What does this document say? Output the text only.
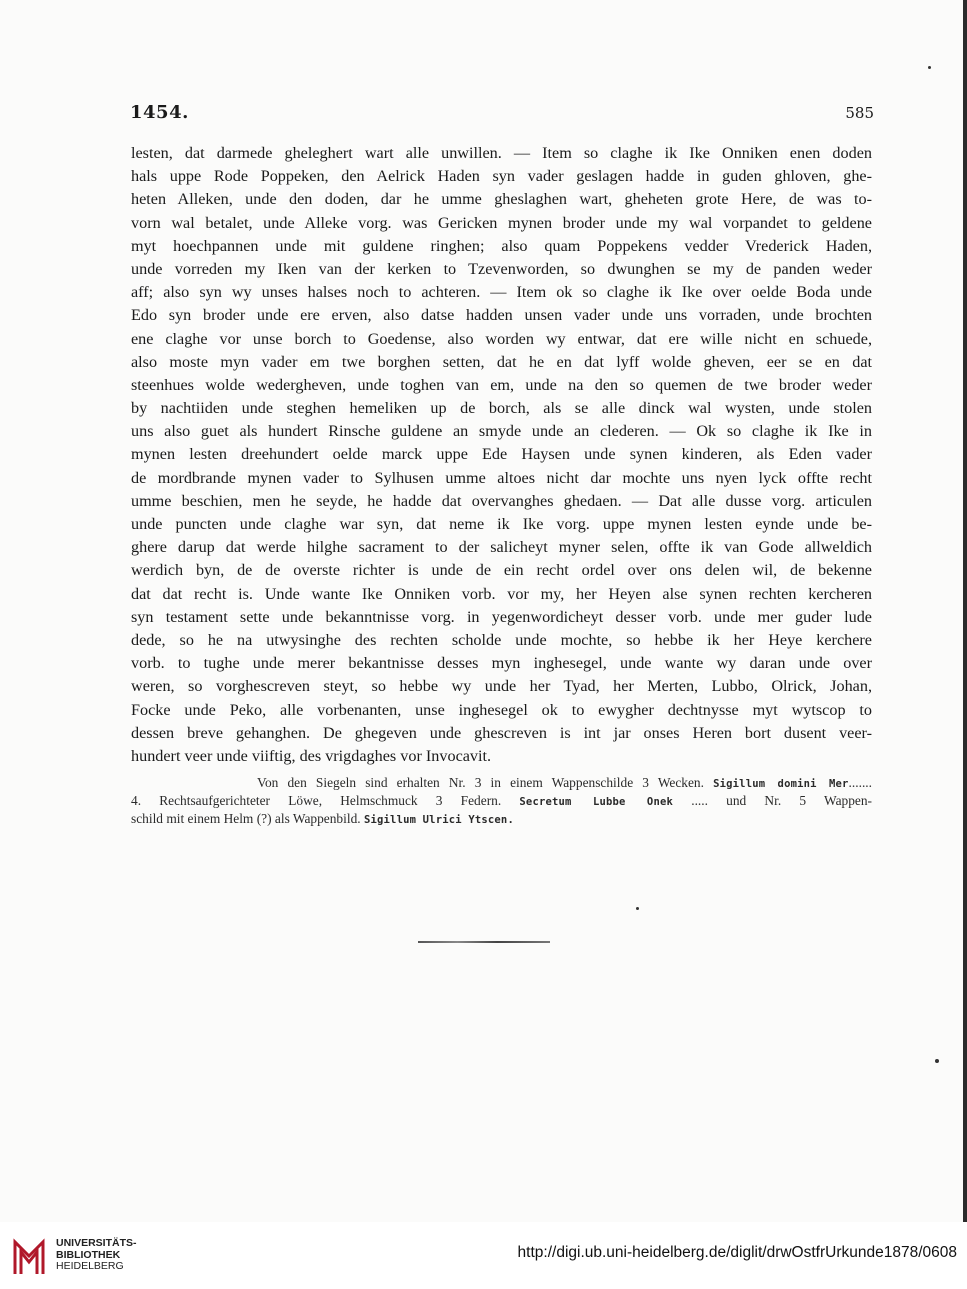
1454.	585
lesten, dat darmede gheleghert wart alle unwillen. — Item so claghe ik Ike Onniken enen doden
hals uppe Rode Poppeken, den Aelrick Haden syn vader geslagen hadde in guden ghloven, ghe-
heten Alleken, unde den doden, dar he umme gheslaghen wart, gheheten grote Here, de was to-
vorn wal betalet, unde Alleke vorg. was Gericken mynen broder unde my wal vorpandet to geldene
myt hoechpannen unde mit guldene ringhen; also quam Poppekens vedder Vrederick Haden,
unde vorreden my Iken van der kerken to Tzevenworden, so dwunghen se my de panden weder
aff; also syn wy unses halses noch to achteren. — Item ok so claghe ik Ike over oelde Boda unde
Edo syn broder unde ere erven, also datse hadden unsen vader unde uns vorraden, unde brochten
ene claghe vor unse borch to Goedense, also worden wy entwar, dat ere wille nicht en schuede,
also moste myn vader em twe borghen setten, dat he en dat lyff wolde gheven, eer se en dat
steenhues wolde wedergheven, unde toghen van em, unde na den so quemen de twe broder weder
by nachtiiden unde steghen hemeliken up de borch, als se alle dinck wal wysten, unde stolen
uns also guet als hundert Rinsche guldene an smyde unde an clederen. — Ok so claghe ik Ike in
mynen lesten dreehundert oelde marck uppe Ede Haysen unde synen kinderen, als Eden vader
de mordbrande mynen vader to Sylhusen umme altoes nicht dar mochte uns nyen lyck offte recht
umme beschien, men he seyde, he hadde dat overvanghes ghedaen. — Dat alle dusse vorg. articulen
unde puncten unde claghe war syn, dat neme ik Ike vorg. uppe mynen lesten eynde unde be-
ghere darup dat werde hilghe sacrament to der salicheyt myner selen, offte ik van Gode allweldich
werdich byn, de de overste richter is unde de ein recht ordel over ons delen wil, de bekenne
dat dat recht is. Unde wante Ike Onniken vorb. vor my, her Heyen alse synen rechten kercheren
syn testament sette unde bekanntnisse vorg. in yegenwordicheyt desser vorb. unde mer guder lude
dede, so he na utwysinghe des rechten scholde unde mochte, so hebbe ik her Heye kerchere
vorb. to tughe unde merer bekantnisse desses myn inghesegel, unde wante wy daran unde over
weren, so vorghescreven steyt, so hebbe wy unde her Tyad, her Merten, Lubbo, Olrick, Johan,
Focke unde Peko, alle vorbenanten, unse inghesegel ok to ewygher dechtnysse myt wytscop to
dessen breve gehanghen. De ghegeven unde ghescreven is int jar onses Heren bort dusent veer-
hundert veer unde viiftig, des vrigdaghes vor Invocavit.
Von den Siegeln sind erhalten Nr. 3 in einem Wappenschilde 3 Wecken. Sigillum domini Mer.......
4. Rechtsaufgerichteter Löwe, Helmschmuck 3 Federn. Secretum Lubbe Onek ..... und Nr. 5 Wappen-
schild mit einem Helm (?) als Wappenbild. Sigillum Ulrici Ytscen.
UNIVERSITÄTS-
BIBLIOTHEK
HEIDELBERG
http://digi.ub.uni-heidelberg.de/diglit/drwOstfrUrkunde1878/0608
